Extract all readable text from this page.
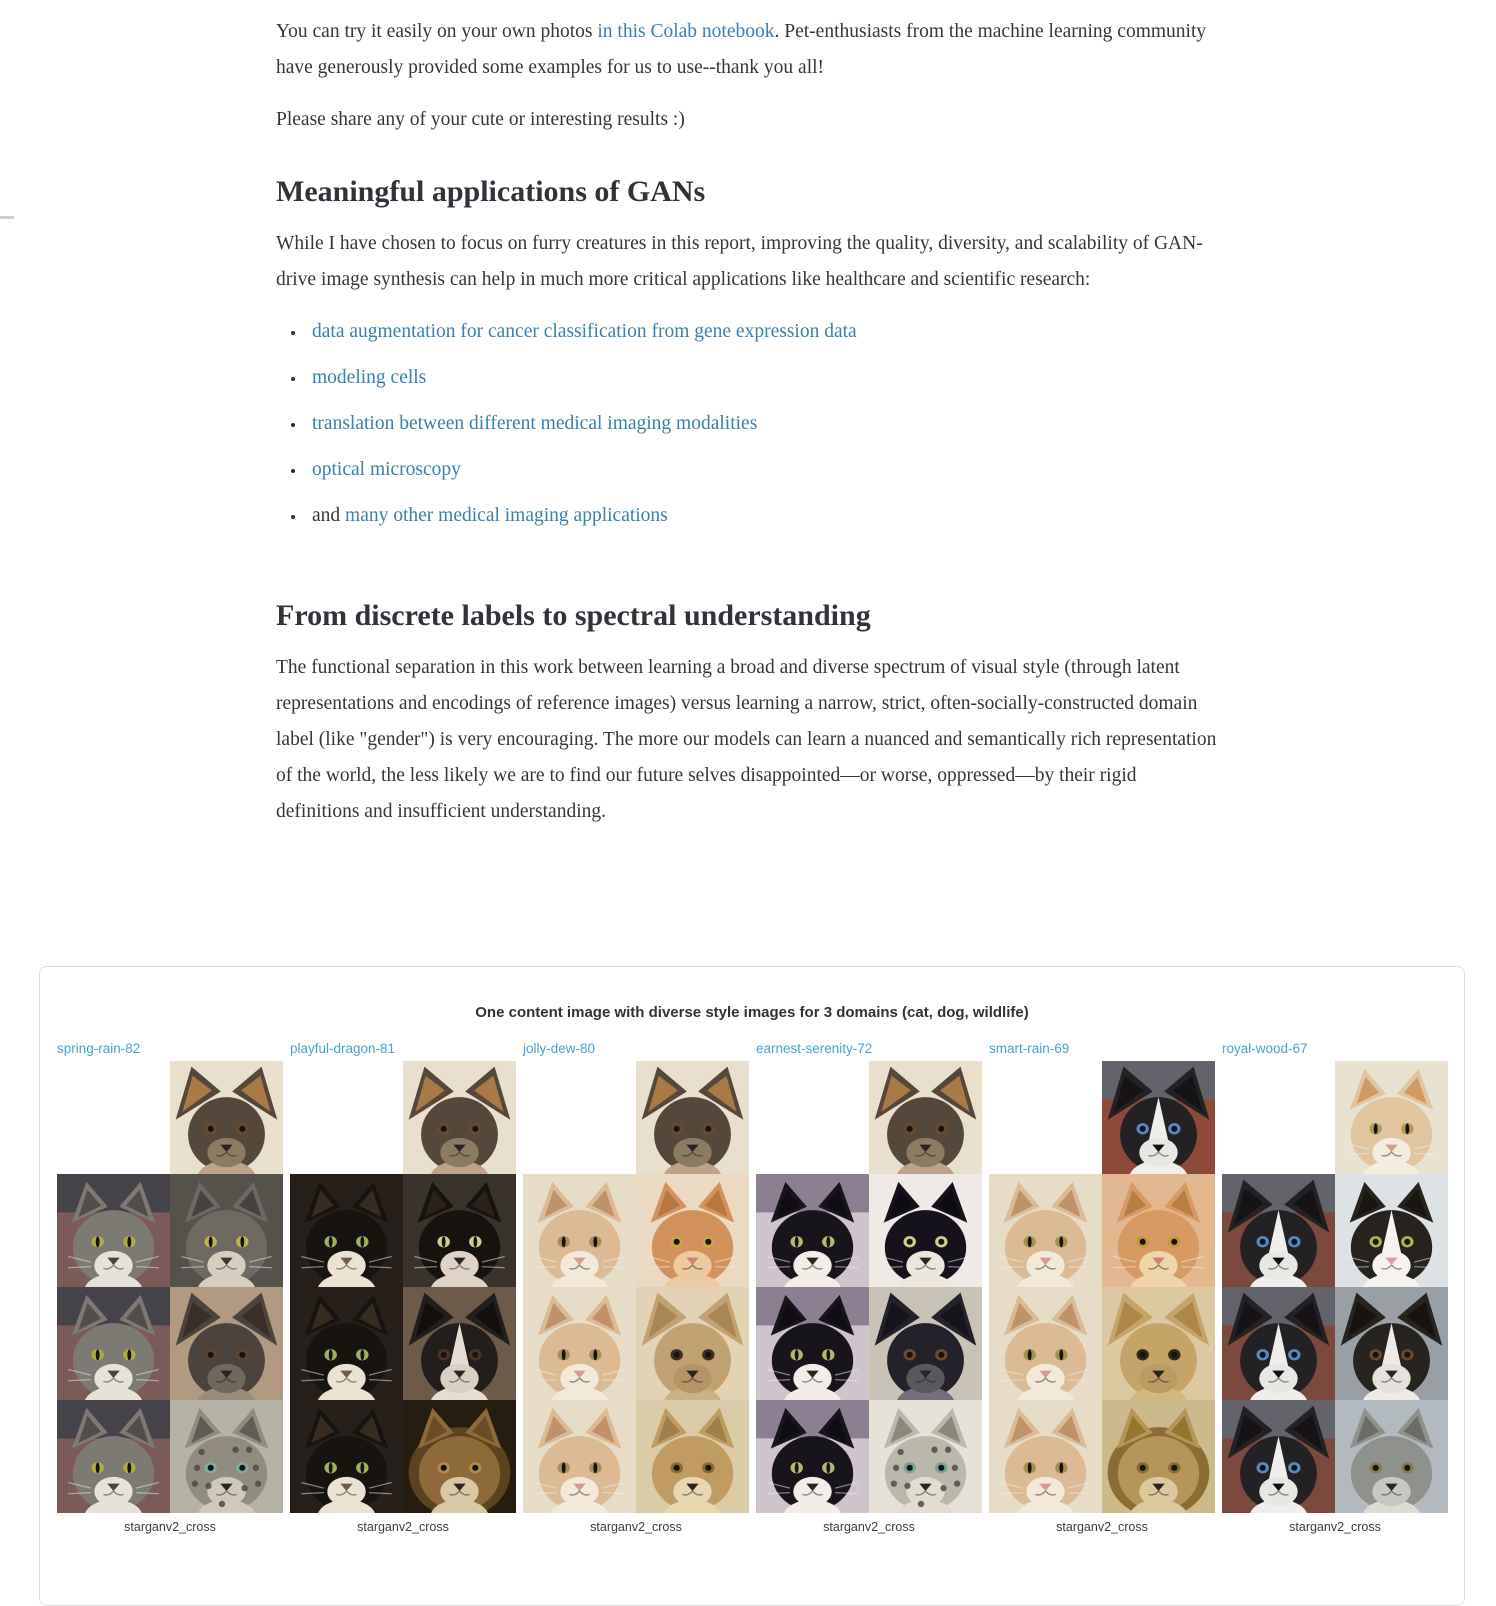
You can try it easily on your own photos in this Colab notebook. Pet-enthusiasts from the machine learning community have generously provided some examples for us to use--thank you all!

Please share any of your cute or interesting results :)

Meaningful applications of GANs

While I have chosen to focus on furry creatures in this report, improving the quality, diversity, and scalability of GAN-drive image synthesis can help in much more critical applications like healthcare and scientific research:

• data augmentation for cancer classification from gene expression data
• modeling cells
• translation between different medical imaging modalities
• optical microscopy
• and many other medical imaging applications
From discrete labels to spectral understanding

The functional separation in this work between learning a broad and diverse spectrum of visual style (through latent representations and encodings of reference images) versus learning a narrow, strict, often-socially-constructed domain label (like "gender") is very encouraging. The more our models can learn a nuanced and semantically rich representation of the world, the less likely we are to find our future selves disappointed—or worse, oppressed—by their rigid definitions and insufficient understanding.

One content image with diverse style images for 3 domains (cat, dog, wildlife)
spring-rain-82
starganv2_cross
playful-dragon-81
starganv2_cross
jolly-dew-80
starganv2_cross
earnest-serenity-72
starganv2_cross
smart-rain-69
starganv2_cross
royal-wood-67
starganv2_cross
